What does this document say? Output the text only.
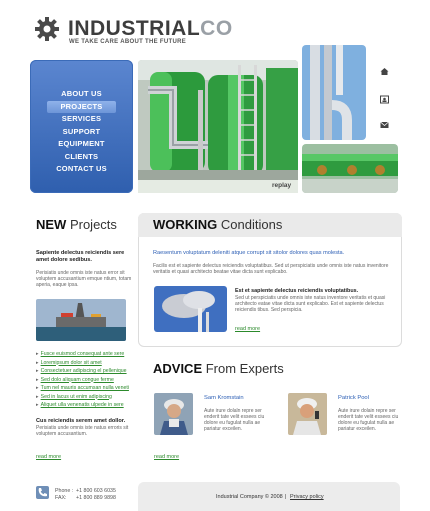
INDUSTRIALCO
WE TAKE CARE ABOUT THE FUTURE
ABOUT US
PROJECTS
SERVICES
SUPPORT
EQUIPMENT
CLIENTS
CONTACT US
replay
NEW Projects
Sapiente delectus reiciendis sere amet dolore sedibus.
Perisiatis unde omnis iste natus error sit voluptem accusantium emque ntium, totam aperia, eaque ipsa.
▸ Fusce euismod consequat ante sere
▸ Loremipsum dolor sit amet
▸ Consectetuer adipiscing el pellenique
▸ Sed dolo aliquam congue ferme
▸ Tum nel mauris accumsan nulla veneti
▸ Sed in lacus ut enim adipiscing
▸ Aliquet ulla venenatis ulpede in sere
Cus reiciendis serem amet dollor.
Perisiatis unde omnis iste natus erroris sit voluptem accusantium.
read more
WORKING Conditions
Raesentum voluptatum deleniti atque corrupt sit sitolor dolores quas molesta.
Facilis est et sapiente delectus reiciendis voluptatibus. Sed ut perspiciatis unde omnis iste natus invenitore veritatis et quasi architecto beatae vitae dicta sunt explicabo.
Est et sapiente delectus reiciendis voluptatibus.
Sed ut perspiciatis unde omnis iste natus inventore veritatis et quasi architecto eatae vitae dicta sunt explicabo. Est et sapiente delectus reiciendis tibus. Sed perspicia.
read more
ADVICE From Experts
Sam Kromstain
Aute irure dolaln repre ser enderit tate velit essees ciu dolore eu fugulat nulla ae pariatur exceilen.
Patrick Pool
Aute irure dolain repre ser enderit tate velit essees ciu dolore eu fugulat nulla ae pariatur exceilen.
read more
Phone :
FAX:
+1 800 603 6035
+1 800 889 9898	Industrial Company © 2008 | Privacy policy
